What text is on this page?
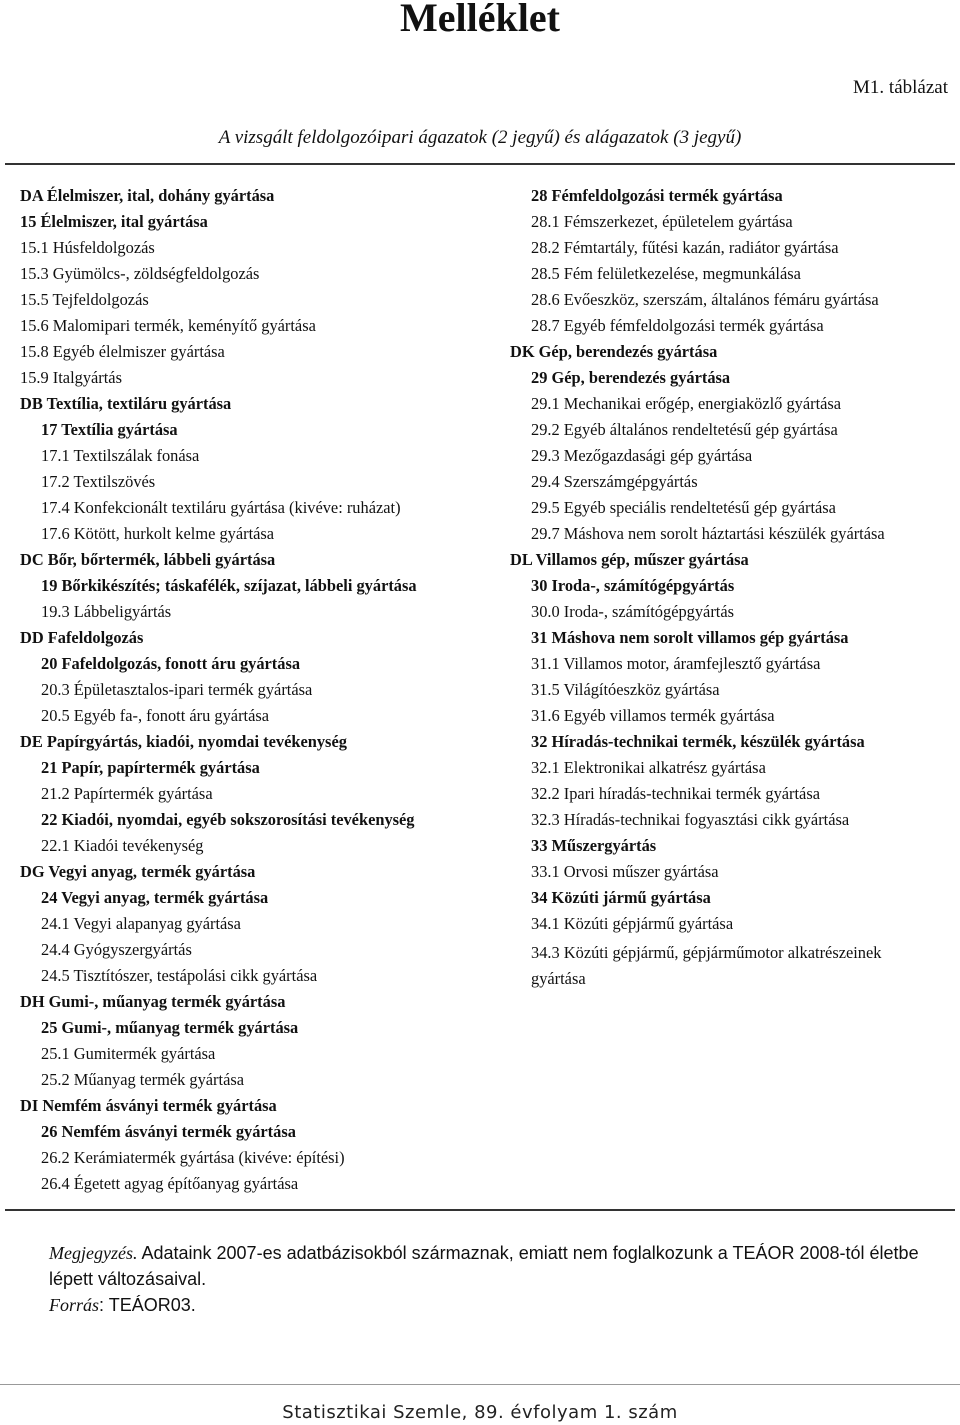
Melléklet
M1. táblázat
A vizsgált feldolgozóipari ágazatok (2 jegyű) és alágazatok (3 jegyű)
DA Élelmiszer, ital, dohány gyártása
15 Élelmiszer, ital gyártása
15.1 Húsfeldolgozás
15.3 Gyümölcs-, zöldségfeldolgozás
15.5 Tejfeldolgozás
15.6 Malomipari termék, keményítő gyártása
15.8 Egyéb élelmiszer gyártása
15.9 Italgyártás
DB Textília, textiláru gyártása
17 Textília gyártása
17.1 Textilszálak fonása
17.2 Textilszövés
17.4 Konfekcionált textiláru gyártása (kivéve: ruházat)
17.6 Kötött, hurkolt kelme gyártása
DC Bőr, bőrtermék, lábbeli gyártása
19 Bőrkikészítés; táskafélék, szíjazat, lábbeli gyártása
19.3 Lábbeligyártás
DD Fafeldolgozás
20 Fafeldolgozás, fonott áru gyártása
20.3 Épületasztalos-ipari termék gyártása
20.5 Egyéb fa-, fonott áru gyártása
DE Papírgyártás, kiadói, nyomdai tevékenység
21 Papír, papírtermék gyártása
21.2 Papírtermék gyártása
22 Kiadói, nyomdai, egyéb sokszorosítási tevékenység
22.1 Kiadói tevékenység
DG Vegyi anyag, termék gyártása
24 Vegyi anyag, termék gyártása
24.1 Vegyi alapanyag gyártása
24.4 Gyógyszergyártás
24.5 Tisztítószer, testápolási cikk gyártása
DH Gumi-, műanyag termék gyártása
25 Gumi-, műanyag termék gyártása
25.1 Gumitermék gyártása
25.2 Műanyag termék gyártása
DI Nemfém ásványi termék gyártása
26 Nemfém ásványi termék gyártása
26.2 Kerámiatermék gyártása (kivéve: építési)
26.4 Égetett agyag építőanyag gyártása
28 Fémfeldolgozási termék gyártása
28.1 Fémszerkezet, épületelem gyártása
28.2 Fémtartály, fűtési kazán, radiátor gyártása
28.5 Fém felületkezelése, megmunkálása
28.6 Evőeszköz, szerszám, általános fémáru gyártása
28.7 Egyéb fémfeldolgozási termék gyártása
DK Gép, berendezés gyártása
29 Gép, berendezés gyártása
29.1 Mechanikai erőgép, energiaközlő gyártása
29.2 Egyéb általános rendeltetésű gép gyártása
29.3 Mezőgazdasági gép gyártása
29.4 Szerszámgépgyártás
29.5 Egyéb speciális rendeltetésű gép gyártása
29.7 Máshova nem sorolt háztartási készülék gyártása
DL Villamos gép, műszer gyártása
30 Iroda-, számítógépgyártás
30.0 Iroda-, számítógépgyártás
31 Máshova nem sorolt villamos gép gyártása
31.1 Villamos motor, áramfejlesztő gyártása
31.5 Világítóeszköz gyártása
31.6 Egyéb villamos termék gyártása
32 Híradás-technikai termék, készülék gyártása
32.1 Elektronikai alkatrész gyártása
32.2 Ipari híradás-technikai termék gyártása
32.3 Híradás-technikai fogyasztási cikk gyártása
33 Műszergyártás
33.1 Orvosi műszer gyártása
34 Közúti jármű gyártása
34.1 Közúti gépjármű gyártása
34.3 Közúti gépjármű, gépjárműmotor alkatrészeinek gyártása

Megjegyzés. Adataink 2007-es adatbázisokból származnak, emiatt nem foglalkozunk a TEÁOR 2008-tól életbe lépett változásaival.

Forrás: TEÁOR03.

Statisztikai Szemle, 89. évfolyam 1. szám
